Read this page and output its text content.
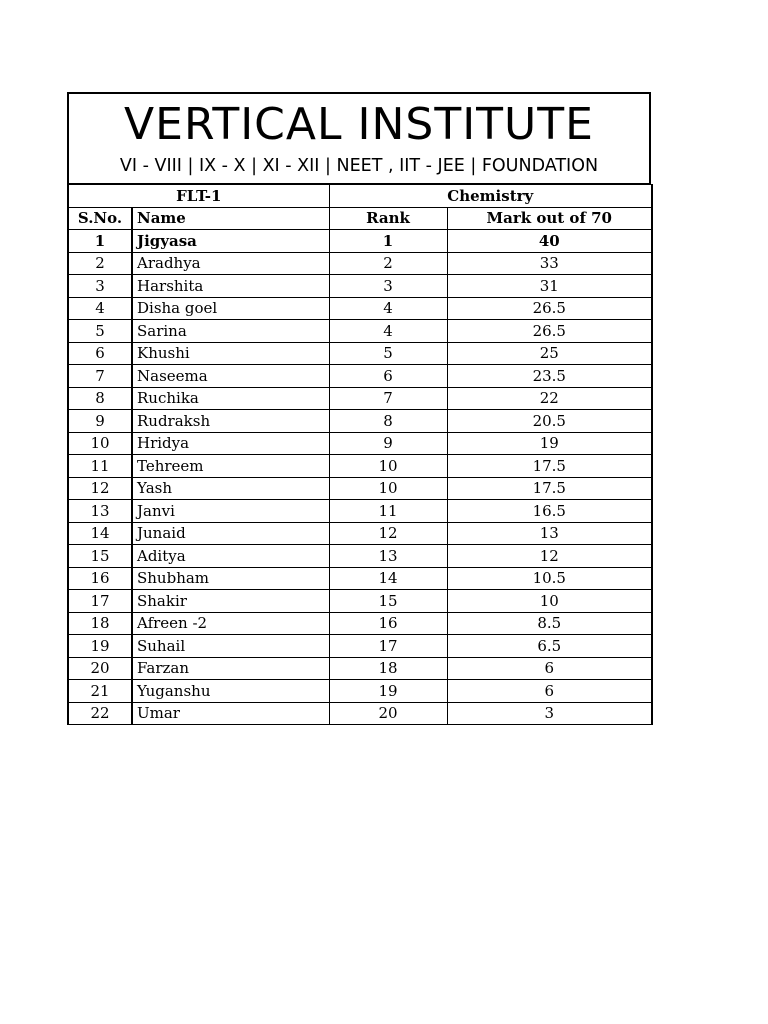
VERTICAL INSTITUTE
VI - VIII | IX - X | XI - XII | NEET , IIT - JEE | FOUNDATION
FLT-1		Chemistry	
S.No.	Name	Rank	Mark out of 70
1	Jigyasa	1	40
2	Aradhya	2	33
3	Harshita	3	31
4	Disha goel	4	26.5
5	Sarina	4	26.5
6	Khushi	5	25
7	Naseema	6	23.5
8	Ruchika	7	22
9	Rudraksh	8	20.5
10	Hridya	9	19
11	Tehreem	10	17.5
12	Yash	10	17.5
13	Janvi	11	16.5
14	Junaid	12	13
15	Aditya	13	12
16	Shubham	14	10.5
17	Shakir	15	10
18	Afreen -2	16	8.5
19	Suhail	17	6.5
20	Farzan	18	6
21	Yuganshu	19	6
22	Umar	20	3
